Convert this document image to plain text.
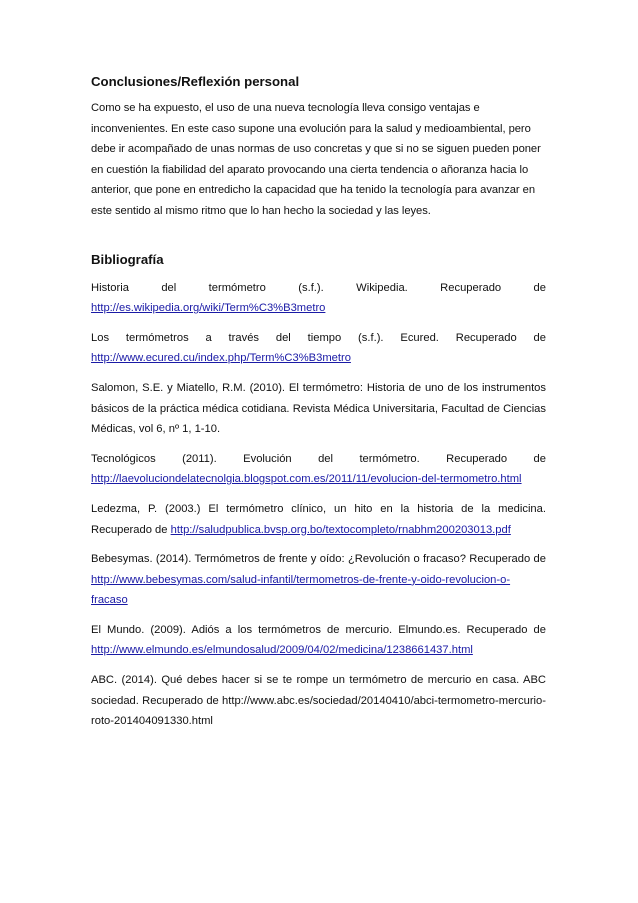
Conclusiones/Reflexión personal

Como se ha expuesto, el uso de una nueva tecnología lleva consigo ventajas e inconvenientes. En este caso supone una evolución para la salud y medioambiental, pero debe ir acompañado de unas normas de uso concretas y que si no se siguen pueden poner en cuestión la fiabilidad del aparato provocando una cierta tendencia o añoranza hacia lo anterior, que pone en entredicho la capacidad que ha tenido la tecnología para avanzar en este sentido al mismo ritmo que lo han hecho la sociedad y las leyes.

Bibliografía

Historia del termómetro (s.f.). Wikipedia. Recuperado de http://es.wikipedia.org/wiki/Term%C3%B3metro

Los termómetros a través del tiempo (s.f.). Ecured. Recuperado de http://www.ecured.cu/index.php/Term%C3%B3metro

Salomon, S.E. y Miatello, R.M. (2010). El termómetro: Historia de uno de los instrumentos básicos de la práctica médica cotidiana. Revista Médica Universitaria, Facultad de Ciencias Médicas, vol 6, nº 1, 1-10.

Tecnológicos (2011). Evolución del termómetro. Recuperado de http://laevoluciondelatecnolgia.blogspot.com.es/2011/11/evolucion-del-termometro.html

Ledezma, P. (2003.) El termómetro clínico, un hito en la historia de la medicina. Recuperado de http://saludpublica.bvsp.org.bo/textocompleto/rnabhm200203013.pdf

Bebesymas. (2014). Termómetros de frente y oído: ¿Revolución o fracaso? Recuperado de http://www.bebesymas.com/salud-infantil/termometros-de-frente-y-oido-revolucion-o-fracaso

El Mundo. (2009). Adiós a los termómetros de mercurio. Elmundo.es. Recuperado de http://www.elmundo.es/elmundosalud/2009/04/02/medicina/1238661437.html

ABC. (2014). Qué debes hacer si se te rompe un termómetro de mercurio en casa. ABC sociedad. Recuperado de http://www.abc.es/sociedad/20140410/abci-termometro-mercurio-roto-201404091330.html
